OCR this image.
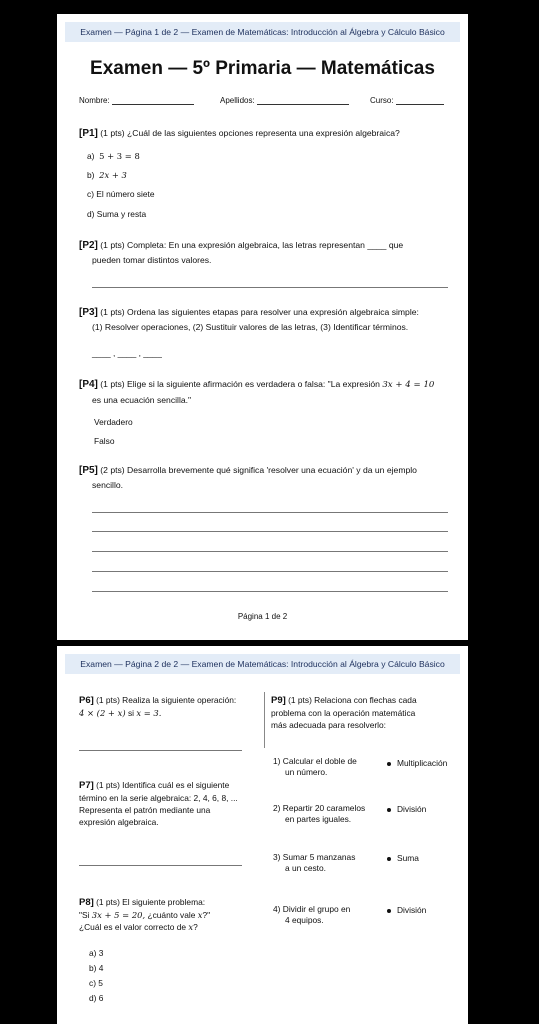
Examen — Página 1 de 2 — Examen de Matemáticas: Introducción al Álgebra y Cálculo Básico
Examen — 5º Primaria — Matemáticas
Nombre:	Apellidos:	Curso:
[P1] (1 pts) ¿Cuál de las siguientes opciones representa una expresión algebraica?
a) 5 + 3 = 8
b) 2x + 3
c) El número siete
d) Suma y resta
[P2] (1 pts) Completa: En una expresión algebraica, las letras representan ____ que
pueden tomar distintos valores.
[P3] (1 pts) Ordena las siguientes etapas para resolver una expresión algebraica simple:
(1) Resolver operaciones, (2) Sustituir valores de las letras, (3) Identificar términos.
____ , ____ , ____
[P4] (1 pts) Elige si la siguiente afirmación es verdadera o falsa: "La expresión 3x + 4 = 10
es una ecuación sencilla."
Verdadero
Falso
[P5] (2 pts) Desarrolla brevemente qué significa 'resolver una ecuación' y da un ejemplo
sencillo.
Página 1 de 2
Examen — Página 2 de 2 — Examen de Matemáticas: Introducción al Álgebra y Cálculo Básico
P6] (1 pts) Realiza la siguiente operación:
4 × (2 + x) si x = 3.
P7] (1 pts) Identifica cuál es el siguiente
término en la serie algebraica: 2, 4, 6, 8, ...
Representa el patrón mediante una
expresión algebraica.
P8] (1 pts) El siguiente problema:
"Si 3x + 5 = 20, ¿cuánto vale x?"
¿Cuál es el valor correcto de x?
a) 3
b) 4
c) 5
d) 6
P9] (1 pts) Relaciona con flechas cada
problema con la operación matemática
más adecuada para resolverlo:
1) Calcular el doble de
un número.
Multiplicación
2) Repartir 20 caramelos
en partes iguales.
División
3) Sumar 5 manzanas
a un cesto.
Suma
4) Dividir el grupo en
4 equipos.
División
